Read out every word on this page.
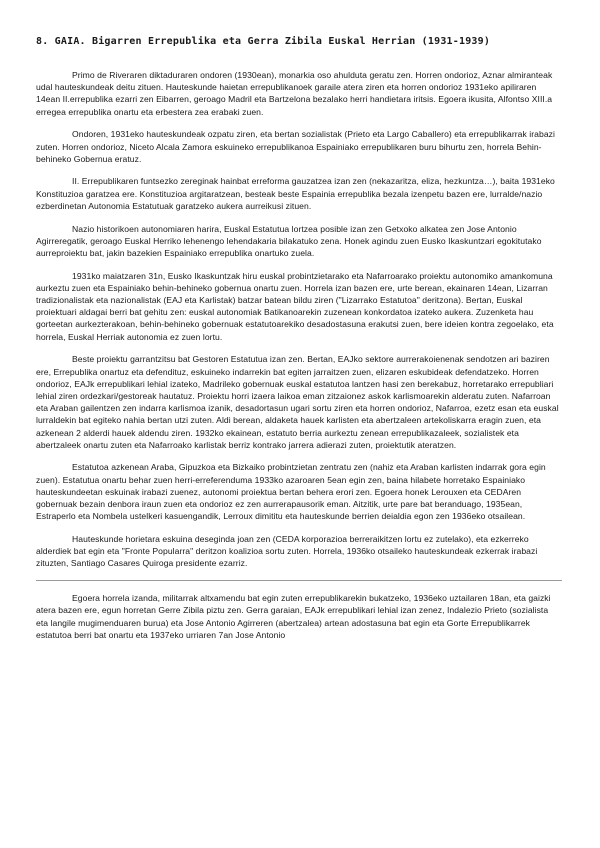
8. GAIA. Bigarren Errepublika eta Gerra Zibila Euskal Herrian (1931-1939)

Primo de Riveraren diktaduraren ondoren (1930ean), monarkia oso ahulduta geratu zen. Horren ondorioz, Aznar almiranteak udal hauteskundeak deitu zituen. Hauteskunde haietan errepublikanoek garaile atera ziren eta horren ondorioz 1931eko apiliraren 14ean II.errepublika ezarri zen Eibarren, geroago Madril eta Bartzelona bezalako herri handietara iritsis. Egoera ikusita, Alfontso XIII.a erregea errepublika onartu eta erbestera zea erabaki zuen.

Ondoren, 1931eko hauteskundeak ozpatu ziren, eta bertan sozialistak (Prieto eta Largo Caballero) eta errepublikarrak irabazi zuten. Horren ondorioz, Niceto Alcala Zamora eskuineko errepublikanoa Espainiako errepublikaren buru bihurtu zen, horrela Behin-behineko Gobernua eratuz.

II. Errepublikaren funtsezko zereginak hainbat erreforma gauzatzea izan zen (nekazaritza, eliza, hezkuntza…), baita 1931eko Konstituzioa garatzea ere. Konstituzioa argitaratzean, besteak beste Espainia errepublika bezala izenpetu bazen ere, lurralde/nazio ezberdinetan Autonomia Estatutuak garatzeko aukera aurreikusi zituen.

Nazio historikoen autonomiaren harira, Euskal Estatutua lortzea posible izan zen Getxoko alkatea zen Jose Antonio Agirreregatik, geroago Euskal Herriko lehenengo lehendakaria bilakatuko zena. Honek agindu zuen Eusko Ikaskuntzari egokitutako aurreproiektu bat, jakin bazekien Espainiako errepublika onartuko zuela.

1931ko maiatzaren 31n, Eusko Ikaskuntzak hiru euskal probintzietarako eta Nafarroarako proiektu autonomiko amankomuna aurkeztu zuen eta Espainiako behin-behineko gobernua onartu zuen. Horrela izan bazen ere, urte berean, ekainaren 14ean, Lizarran tradizionalistak eta nazionalistak (EAJ eta Karlistak) batzar batean bildu ziren ("Lizarrako Estatutoa" deritzona). Bertan, Euskal proiektuari aldagai berri bat gehitu zen: euskal autonomiak Batikanoarekin zuzenean konkordatoa izateko aukera. Zuzenketa hau gorteetan aurkezterakoan, behin-behineko gobernuak estatutoarekiko desadostasuna erakutsi zuen, bere ideien kontra zegoelako, eta horrela, Euskal Herriak autonomia ez zuen lortu.

Beste proiektu garrantzitsu bat Gestoren Estatutua izan zen. Bertan, EAJko sektore aurrerakoienenak sendotzen ari baziren ere, Errepublika onartuz eta defendituz, eskuineko indarrekin bat egiten jarraitzen zuen, elizaren eskubideak defendatzeko. Horren ondorioz, EAJk errepublikari lehial izateko, Madrileko gobernuak euskal estatutoa lantzen hasi zen berekabuz, horretarako errepubliari lehial ziren ordezkari/gestoreak hautatuz. Proiektu horri izaera laikoa eman zitzaionez askok karlismoarekin alderatu zuten. Nafarroan eta Araban gailentzen zen indarra karlismoa izanik, desadortasun ugari sortu ziren eta horren ondorioz, Nafarroa, ezetz esan eta euskal lurraldekin bat egiteko nahia bertan utzi zuten. Aldi berean, aldaketa hauek karlisten eta abertzaleen artekoliskarra eragin zuen, eta azkenean 2 alderdi hauek aldendu ziren. 1932ko ekainean, estatuto berria aurkeztu zenean errepublikazaleek, sozialistek eta abertzaleek onartu zuten eta Nafarroako karlistak berriz kontrako jarrera adierazi zuten, proiektutik ateratzen.

Estatutoa azkenean Araba, Gipuzkoa eta Bizkaiko probintzietan zentratu zen (nahiz eta Araban karlisten indarrak gora egin zuen). Estatutua onartu behar zuen herri-erreferenduma 1933ko azaroaren 5ean egin zen, baina hilabete horretako Espainiako hauteskundeetan eskuinak irabazi zuenez, autonomi proiektua bertan behera erori zen. Egoera honek Lerouxen eta CEDAren gobernuak bezain denbora iraun zuen eta ondorioz ez zen aurrerapausorik eman. Aitzitik, urte pare bat beranduago, 1935ean, Estraperlo eta Nombela ustelkeri kasuengandik, Lerroux dimititu eta hauteskunde berrien deialdia egon zen 1936eko otsailean.

Hauteskunde horietara eskuina deseginda joan zen (CEDA korporazioa berreraikitzen lortu ez zutelako), eta ezkerreko alderdiek bat egin eta "Fronte Popularra" deritzon koalizioa sortu zuten. Horrela, 1936ko otsaileko hauteskundeak ezkerrak irabazi zituzten, Santiago Casares Quiroga presidente ezarriz.

Egoera horrela izanda, militarrak altxamendu bat egin zuten errepublikarekin bukatzeko, 1936eko uztailaren 18an, eta gaizki atera bazen ere, egun horretan Gerre Zibila piztu zen. Gerra garaian, EAJk errepublikari lehial izan zenez, Indalezio Prieto (sozialista eta langile mugimenduaren burua) eta Jose Antonio Agirreren (abertzalea) artean adostasuna bat egin eta Gorte Errepublikarrek estatutoa berri bat onartu eta 1937eko urriaren 7an Jose Antonio
